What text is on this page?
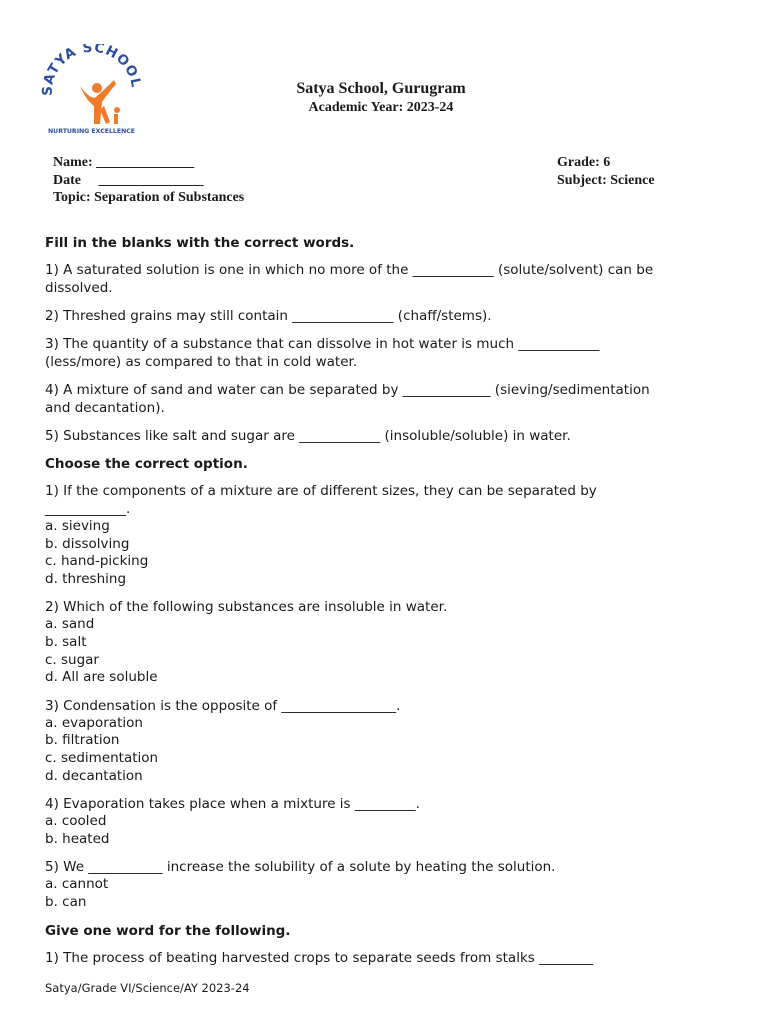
SATYA SCHOOL
NURTURING EXCELLENCE
Satya School, Gurugram
Academic Year: 2023-24
Name: ______________
Date     _______________
Topic: Separation of Substances
Grade: 6
Subject: Science
Fill in the blanks with the correct words.

1) A saturated solution is one in which no more of the ____________ (solute/solvent) can be dissolved.

2) Threshed grains may still contain _______________ (chaff/stems).

3) The quantity of a substance that can dissolve in hot water is much ____________ (less/more) as compared to that in cold water.

4) A mixture of sand and water can be separated by _____________ (sieving/sedimentation and decantation).

5) Substances like salt and sugar are ____________ (insoluble/soluble) in water.

Choose the correct option.

1) If the components of a mixture are of different sizes, they can be separated by ____________.

a. sieving
b. dissolving
c. hand-picking
d. threshing

2) Which of the following substances are insoluble in water.

a. sand
b. salt
c. sugar
d. All are soluble

3) Condensation is the opposite of _________________.

a. evaporation
b. filtration
c. sedimentation
d. decantation

4) Evaporation takes place when a mixture is _________.

a. cooled
b. heated

5) We ___________ increase the solubility of a solute by heating the solution.

a. cannot
b. can
Give one word for the following.

1) The process of beating harvested crops to separate seeds from stalks ________

Satya/Grade VI/Science/AY 2023-24
